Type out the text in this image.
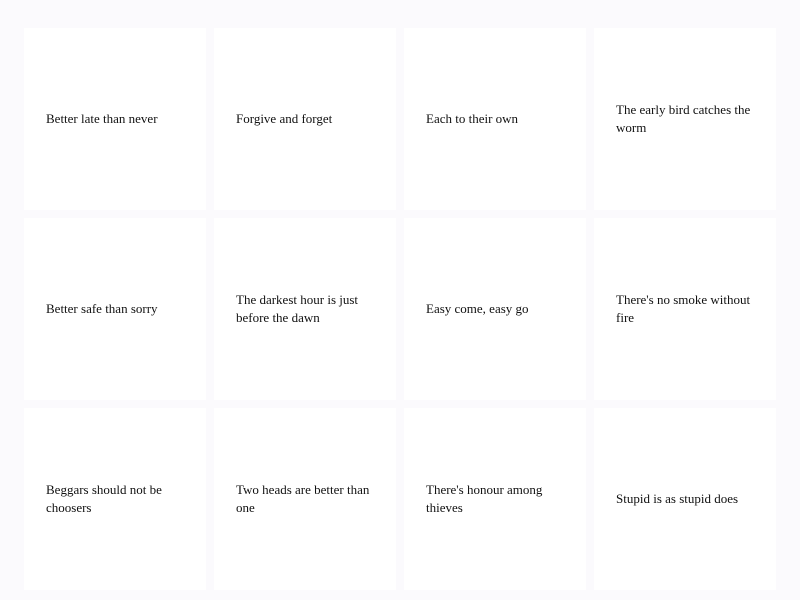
Better late than never	Forgive and forget	Each to their own
The early bird catches the worm
Better safe than sorry
The darkest hour is just before the dawn
Easy come, easy go
There's no smoke without fire
Beggars should not be choosers
Two heads are better than one
There's honour among thieves
Stupid is as stupid does
